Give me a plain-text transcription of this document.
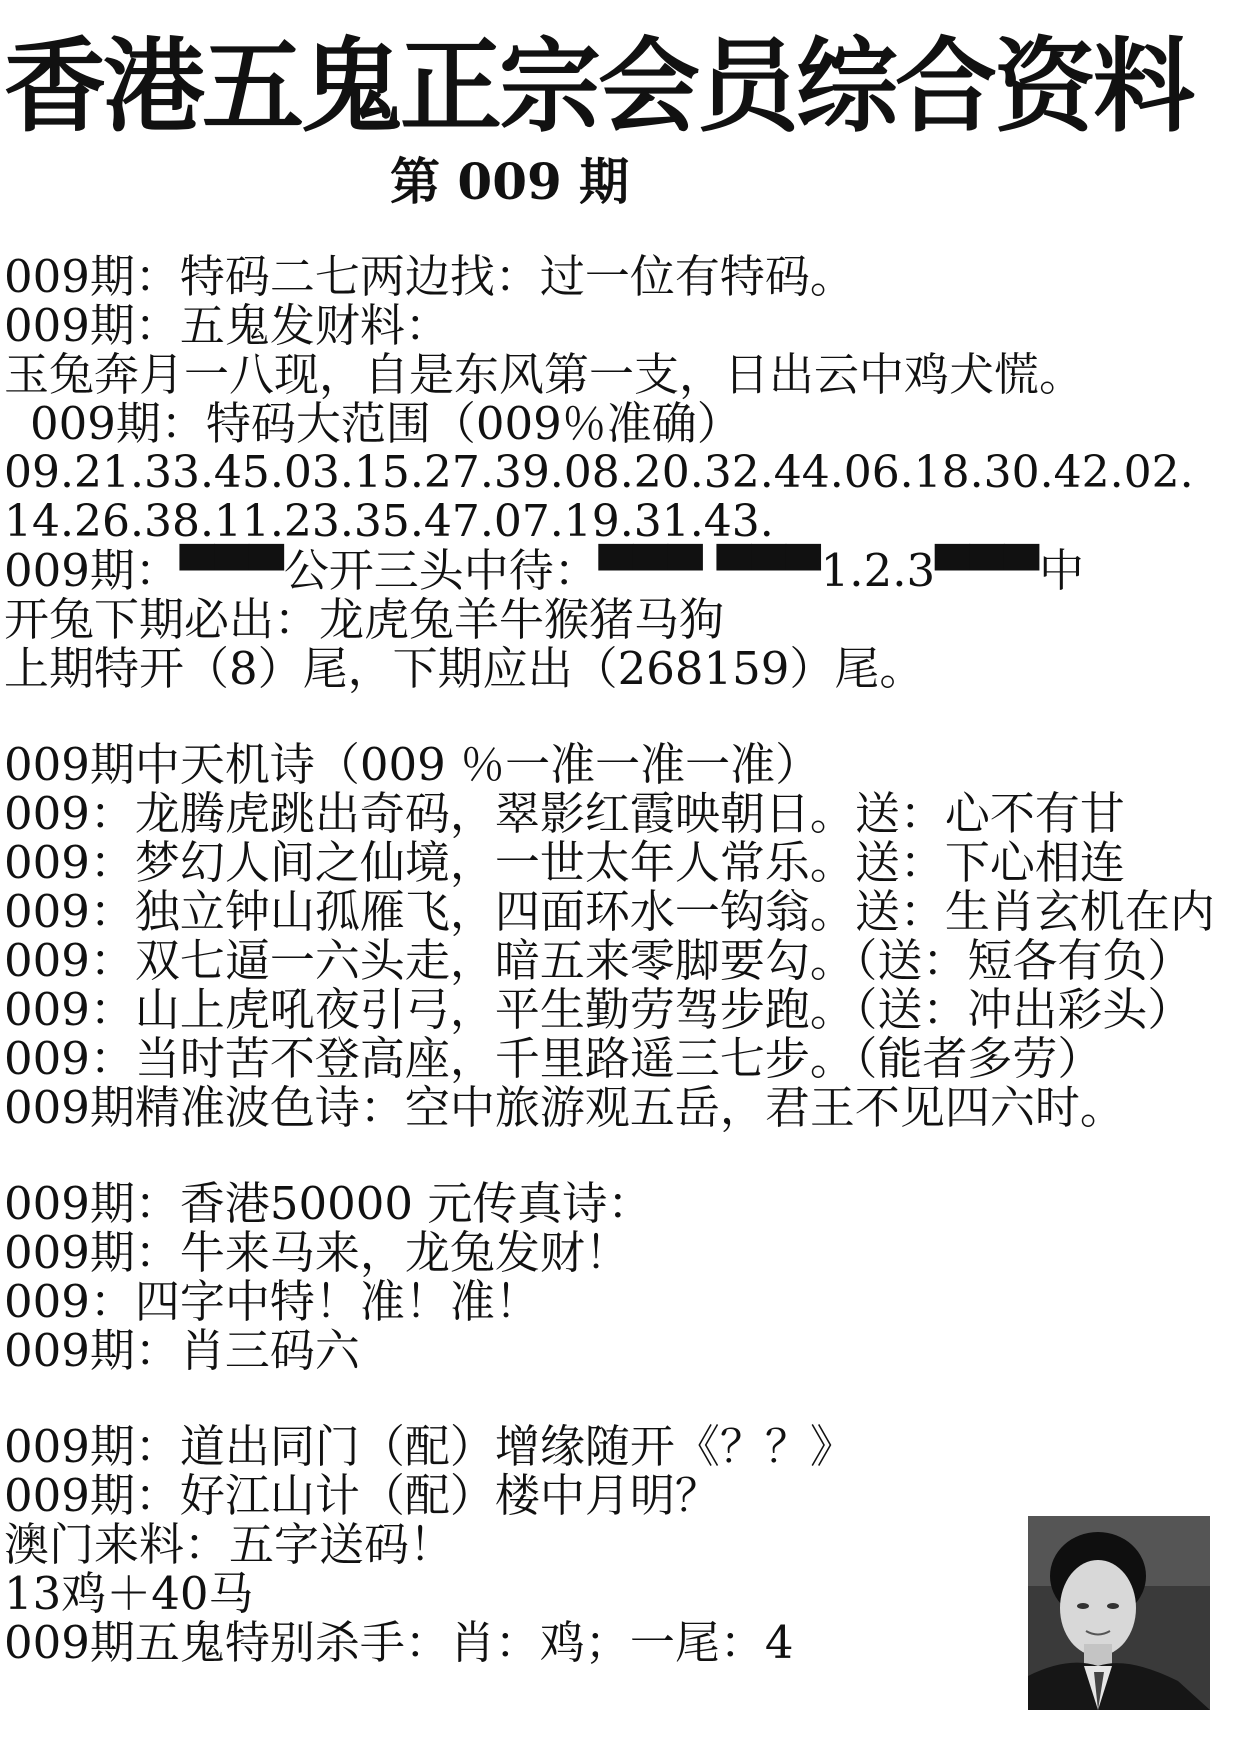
香港五鬼正宗会员综合资料
第 009 期
009期：特码二七两边找：过一位有特码。
009期：五鬼发财料：
玉兔奔月一八现，自是东风第一支，日出云中鸡犬慌。
009期：特码大范围（009％准确）
09.21.33.45.03.15.27.39.08.20.32.44.06.18.30.42.02.
14.26.38.11.23.35.47.07.19.31.43.
009期：▀▀▀公开三头中待：▀▀▀ ▀▀▀1.2.3▀▀▀中
开兔下期必出：龙虎兔羊牛猴猪马狗
上期特开（8）尾，下期应出（268159）尾。
009期中天机诗（009 ％一准一准一准）
009：龙腾虎跳出奇码，翠影红霞映朝日。送：心不有甘
009：梦幻人间之仙境，一世太年人常乐。送：下心相连
009：独立钟山孤雁飞，四面环水一钩翁。送：生肖玄机在内
009：双七逼一六头走，暗五来零脚要勾。（送：短各有负）
009：山上虎吼夜引弓，平生勤劳驾步跑。（送：冲出彩头）
009：当时苦不登高座，千里路遥三七步。（能者多劳）
009期精准波色诗：空中旅游观五岳，君王不见四六时。
009期：香港50000 元传真诗：
009期：牛来马来，龙兔发财！
009：四字中特！准！准！
009期：肖三码六
009期：道出同门（配）增缘随开《？？》
009期：好江山计（配）楼中月明？
澳门来料：五字送码！
13鸡＋40马
009期五鬼特别杀手：肖：鸡；一尾：4
